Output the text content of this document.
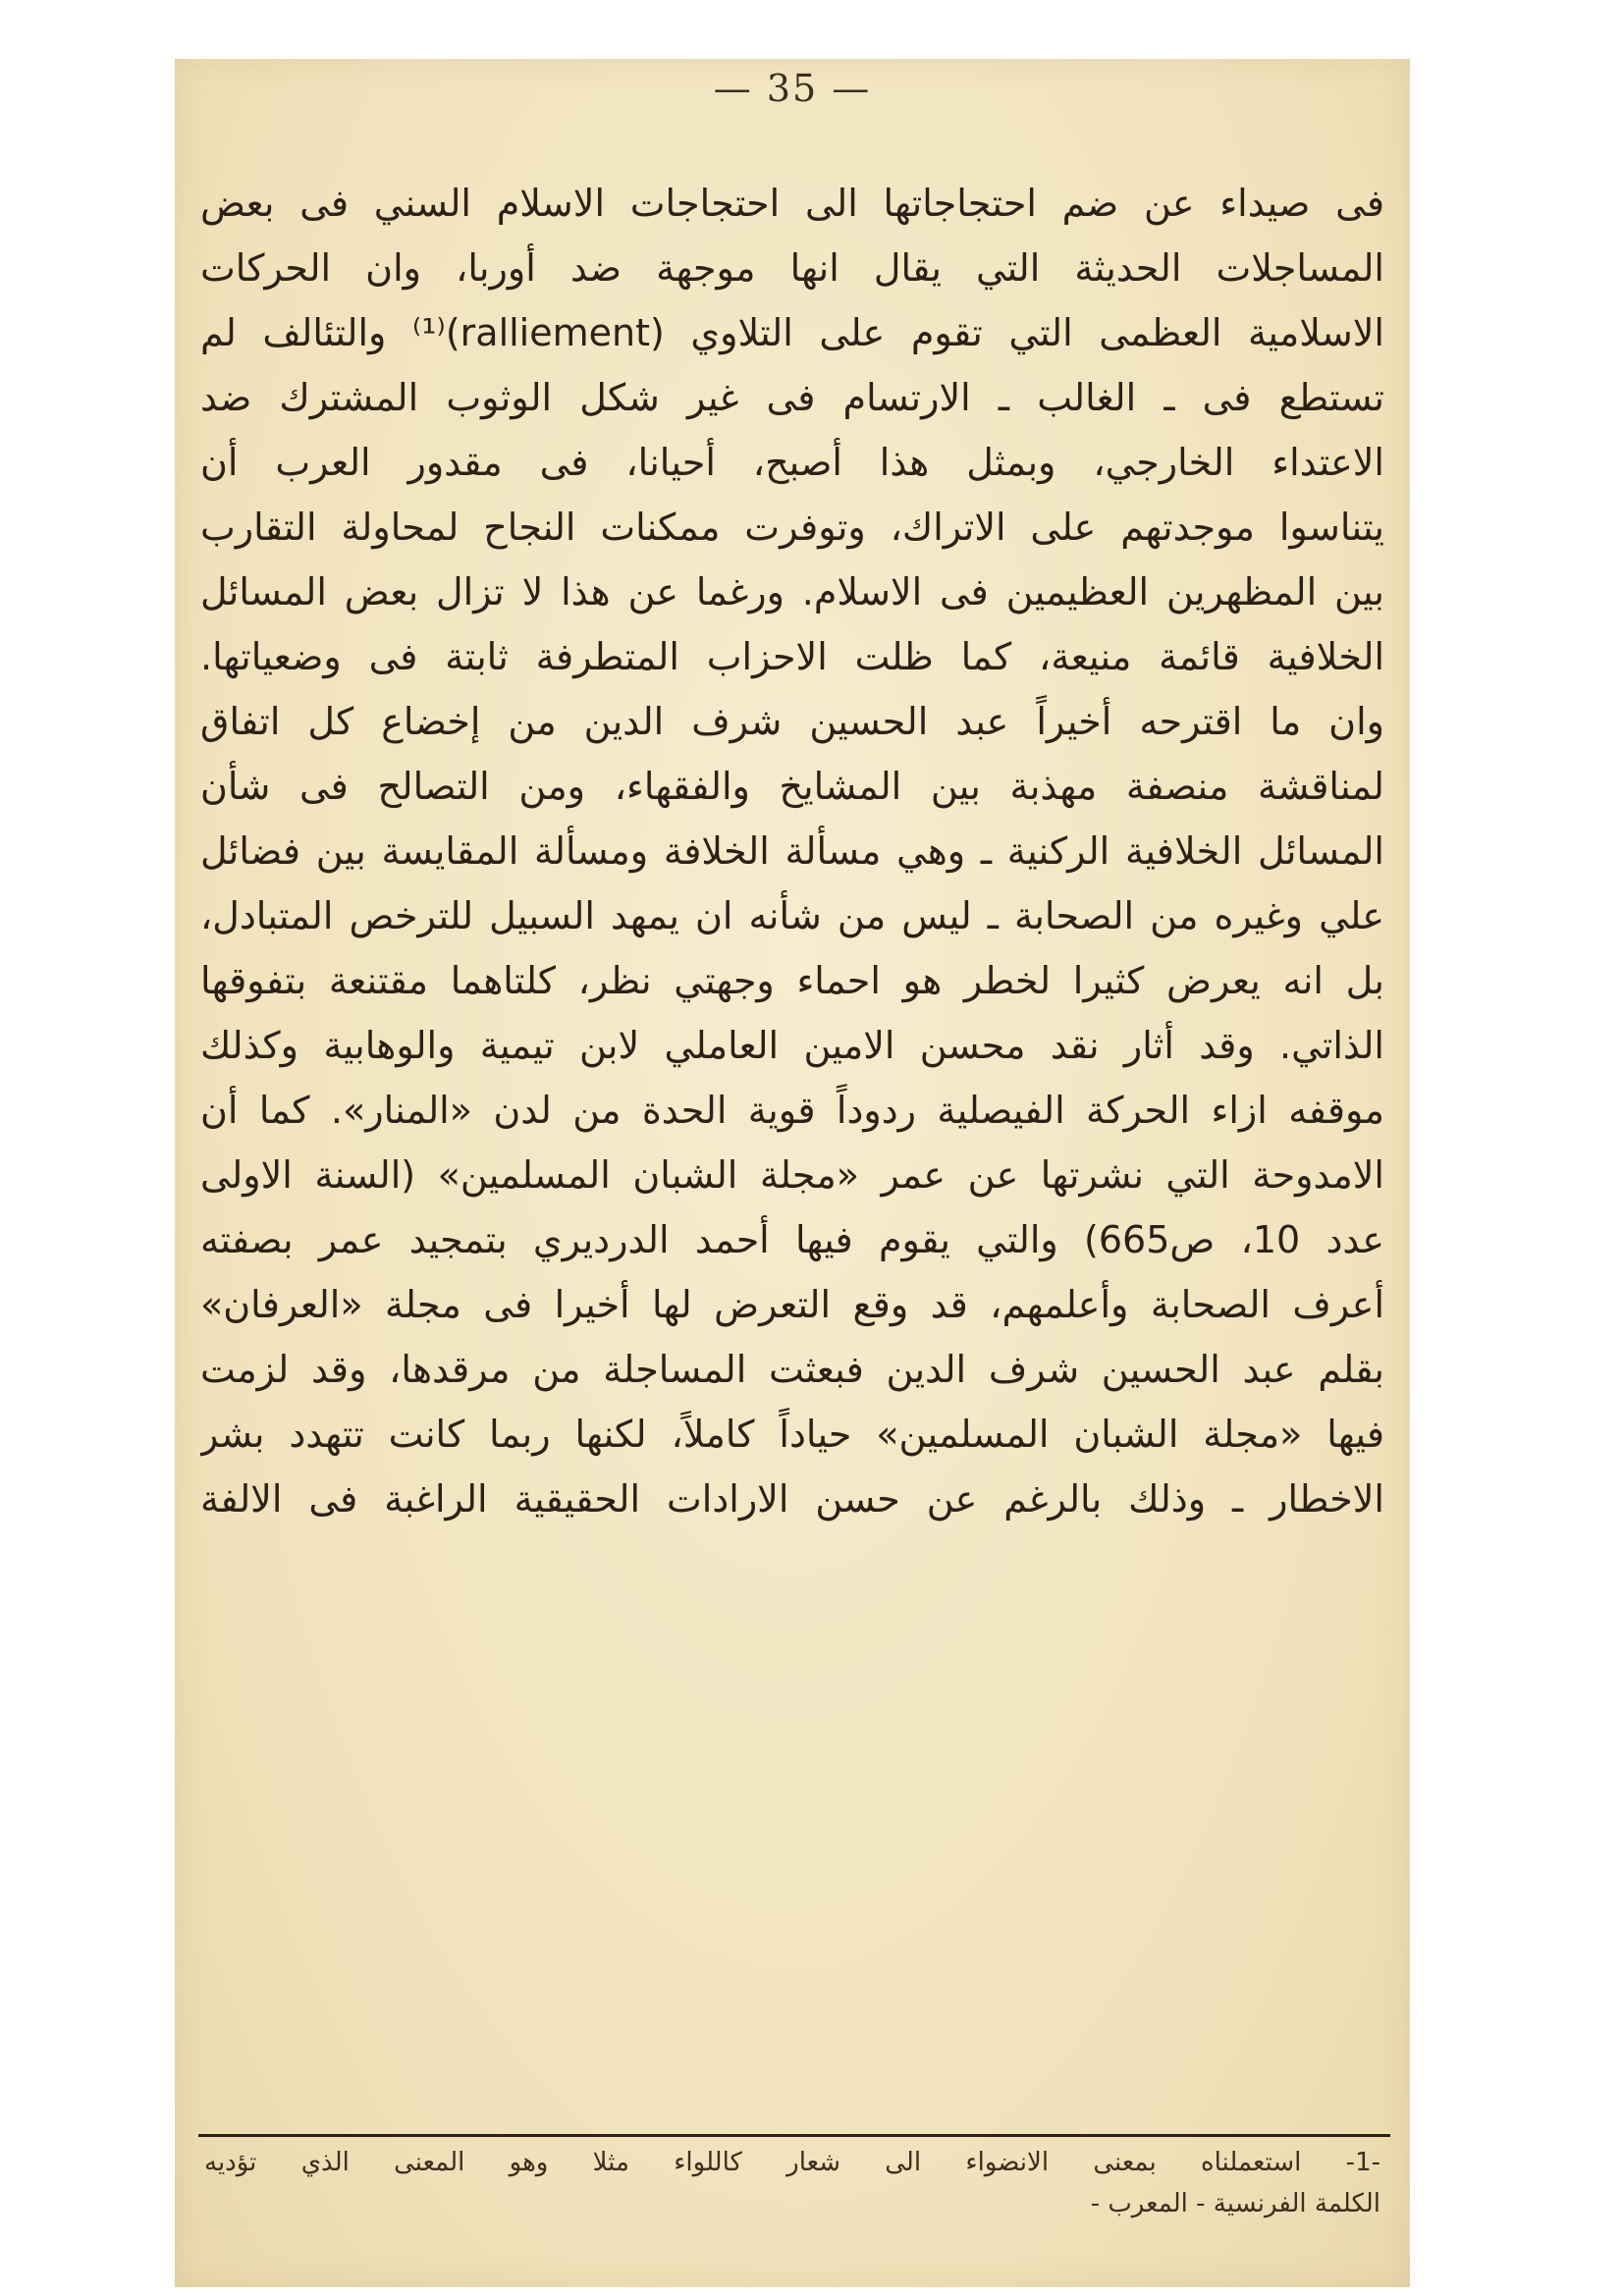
— 35 —
فی صیداء عن ضم احتجاجاتها الى احتجاجات الاسلام السني فی بعض
المساجلات الحديثة التي يقال انها موجهة ضد أوربا، وان الحركات
الاسلامية العظمى التي تقوم على التلاوي (ralliement)⁽¹⁾ والتئالف لم
تستطع فی ـ الغالب ـ الارتسام فی غير شكل الوثوب المشترك ضد
الاعتداء الخارجي، وبمثل هذا أصبح، أحيانا، فی مقدور العرب أن
يتناسوا موجدتهم على الاتراك، وتوفرت ممكنات النجاح لمحاولة التقارب
بين المظهرين العظيمين فی الاسلام. ورغما عن هذا لا تزال بعض المسائل
الخلافية قائمة منيعة، كما ظلت الاحزاب المتطرفة ثابتة فی وضعياتها.
وان ما اقترحه أخيراً عبد الحسين شرف الدين من إخضاع كل اتفاق
لمناقشة منصفة مهذبة بين المشايخ والفقهاء، ومن التصالح فی شأن
المسائل الخلافية الركنية ـ وهي مسألة الخلافة ومسألة المقايسة بين فضائل
علي وغيره من الصحابة ـ ليس من شأنه ان يمهد السبيل للترخص المتبادل،
بل انه يعرض كثيرا لخطر هو احماء وجهتي نظر، كلتاهما مقتنعة بتفوقها
الذاتي. وقد أثار نقد محسن الامين العاملي لابن تيمية والوهابية وكذلك
موقفه ازاء الحركة الفيصلية ردوداً قوية الحدة من لدن «المنار». كما أن
الامدوحة التي نشرتها عن عمر «مجلة الشبان المسلمين» (السنة الاولى
عدد 10، ص665) والتي يقوم فيها أحمد الدرديري بتمجيد عمر بصفته
أعرف الصحابة وأعلمهم، قد وقع التعرض لها أخيرا فی مجلة «العرفان»
بقلم عبد الحسين شرف الدين فبعثت المساجلة من مرقدها، وقد لزمت
فيها «مجلة الشبان المسلمين» حياداً كاملاً، لكنها ربما كانت تتهدد بشر
الاخطار ـ وذلك بالرغم عن حسن الارادات الحقيقية الراغبة فی الالفة
-1- استعملناه بمعنى الانضواء الى شعار كاللواء مثلا وهو المعنى الذي تؤديه
الكلمة الفرنسية - المعرب -
